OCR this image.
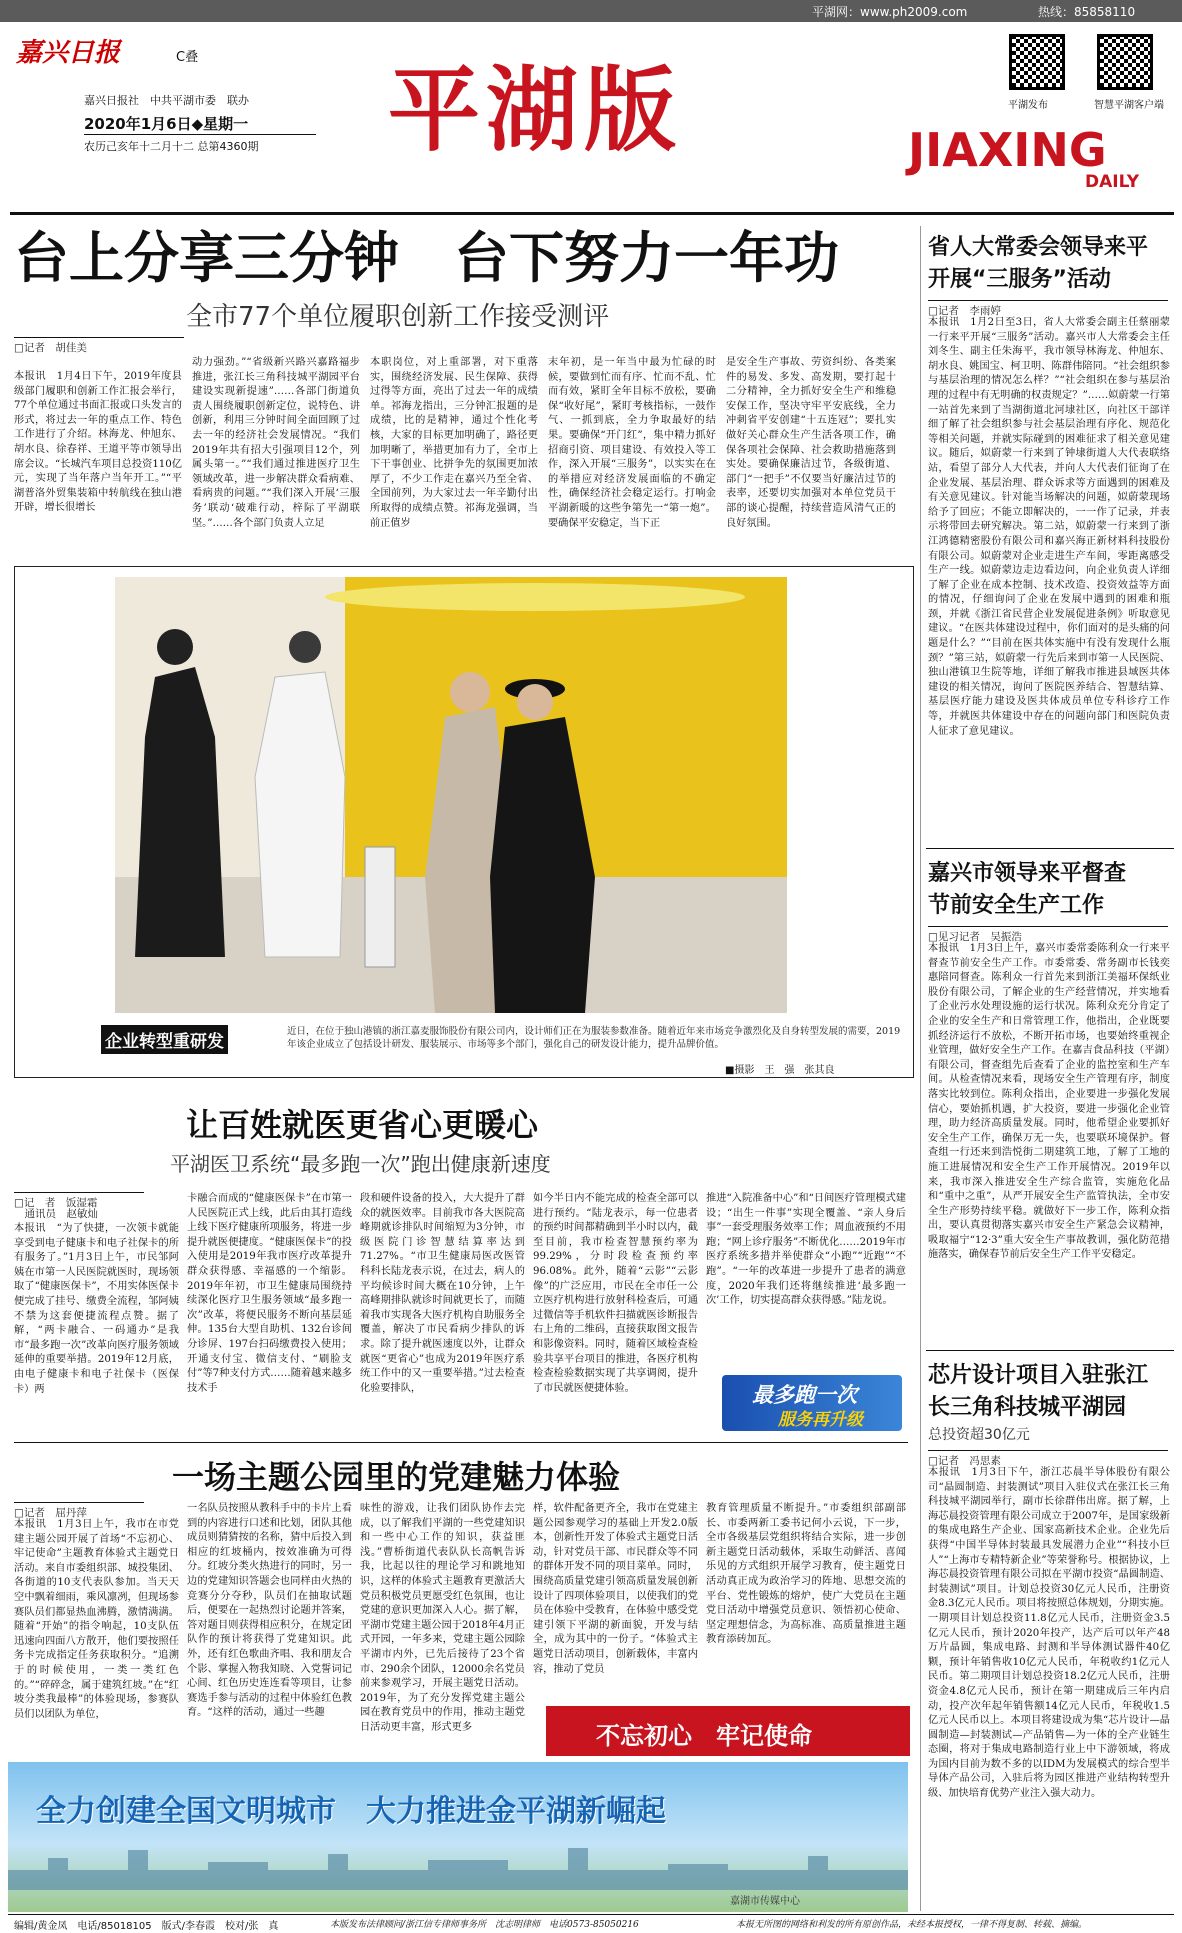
平湖网：www.ph2009.com	热线：85858110
嘉兴日报	C叠
嘉兴日报社　中共平湖市委　联办
2020年1月6日◆星期一
农历己亥年十二月十二 总第4360期 平湖版	平湖发布	智慧平湖客户端
JIAXING
DAILY
台上分享三分钟　台下努力一年功
全市77个单位履职创新工作接受测评
□记者　胡佳美
本报讯　1月4日下午，2019年度县级部门履职和创新工作汇报会举行，77个单位通过书面汇报或口头发言的形式，将过去一年的重点工作、特色工作进行了介绍。林海龙、仲旭东、胡水良、徐春祥、王道平等市领导出席会议。“长城汽车项目总投资110亿元，实现了当年落户当年开工。”“平湖普洛外贸集装箱中转航线在独山港开辟，增长很增长
动力强劲。”“省级新兴路兴嘉路福步推进，张江长三角科技城平湖园平台建设实现新提速”……各部门街道负责人围绕履职创新定位，说特色、讲创新，利用三分钟时间全面回顾了过去一年的经济社会发展情况。“我们2019年共有招大引强项目12个，列属头第一。”“我们通过推进医疗卫生领域改革，进一步解决群众看病难、看病贵的问题。”“我们深入开展‘三服务’联动‘破难行动，梓际了平湖联坚。”……各个部门负责人立足
本职岗位，对上重部署，对下重落实，围绕经济发展、民生保障、获得过得等方面，亮出了过去一年的成绩单。祁海龙指出，三分钟汇报题的是成绩，比的是精神，通过个性化考核，大家的目标更加明确了，路径更加明晰了，举措更加有力了，全市上下干事创业、比拼争先的氛围更加浓厚了，不少工作走在嘉兴乃至全省、全国前列，为大家过去一年辛勤付出所取得的成绩点赞。祁海龙强调，当前正值岁
末年初，是一年当中最为忙碌的时候，要做到忙而有序、忙而不乱、忙而有效，紧盯全年目标不放松，要确保“收好尾”，紧盯考核指标，一鼓作气、一抓到底，全力争取最好的结果。要确保“开门红”，集中精力抓好招商引资、项目建设、有效投入等工作，深入开展“三服务”，以实实在在的举措应对经济发展面临的不确定性，确保经济社会稳定运行。打响金平湖新暖的这些争第先一“第一炮”。要确保平安稳定，当下正
是安全生产事故、劳资纠纷、各类案件的易发、多发、高发期，要打起十二分精神，全力抓好安全生产和维稳安保工作，坚决守牢平安底线，全力冲刺省平安创建“十五连冠”；要扎实做好关心群众生产生活各项工作，确保各项社会保障、社会救助措施落到实处。要确保廉洁过节，各级街道、部门“一把手”不仅要当好廉洁过节的表率，还要切实加强对本单位党员干部的谈心提醒，持续营造风清气正的良好氛围。
企业转型重研发
近日，在位于独山港镇的浙江嘉麦服饰股份有限公司内，设计师们正在为服装参数准备。随着近年来市场竞争激烈化及自身转型发展的需要，2019年该企业成立了包括设计研发、服装展示、市场等多个部门，强化自己的研发设计能力，提升品牌价值。
■摄影　王　强　张其良
让百姓就医更省心更暖心
平湖医卫系统“最多跑一次”跑出健康新速度
□记　者　饭湿霜
　通讯员　赵敏灿
本报讯　“为了快捷，一次领卡就能享受到电子健康卡和电子社保卡的所有服务了。”1月3日上午，市民邹阿姨在市第一人民医院就医时，现场领取了“健康医保卡”，不用实体医保卡便完成了挂号、缴费全流程，邹阿姨不禁为这套便捷流程点赞。据了解，“两卡融合、一码通办”是我市“最多跑一次”改革向医疗服务领域延伸的重要举措。2019年12月底，由电子健康卡和电子社保卡（医保卡）两
卡融合而成的“健康医保卡”在市第一人民医院正式上线，此后由其打造线上线下医疗健康所项服务，将进一步提升就医便捷度。“健康医保卡”的投入使用是2019年我市医疗改革提升群众获得感、幸福感的一个缩影。2019年年初，市卫生健康局围绕持续深化医疗卫生服务领域“最多跑一次”改革，将便民服务不断向基层延伸。135台大型自助机、132台诊间分诊屏、197台扫码缴费投入使用；开通支付宝、微信支付、“刷脸支付”等7种支付方式……随着越来越多技术手
段和硬件设备的投入，大大提升了群众的就医效率。目前我市各大医院高峰期就诊排队时间缩短为3分钟，市级医院门诊智慧结算率达到71.27%。“市卫生健康局医改医管科科长陆龙表示说，在过去，病人的平均候诊时间大概在10分钟，上午高峰期排队就诊时间就更长了，而随着我市实现各大医疗机构自助服务全覆盖，解决了市民看病少排队的诉求。除了提升就医速度以外，让群众就医“更省心”也成为2019年医疗系统工作中的又一重要举措。”过去检查化验要排队，
如今半日内不能完成的检查全部可以进行预约。“陆龙表示，每一位患者的预约时间都精确到半小时以内，截至目前，我市检查智慧预约率为99.29%，分时段检查预约率96.08%。此外，随着“云影”“云影像”的广泛应用，市民在全市任一公立医疗机构进行放射科检查后，可通过微信等手机软件扫描就医诊断报告右上角的二维码，直接获取图文报告和影像资料。同时，随着区域检查检验共享平台项目的推进，各医疗机构检查检验数据实现了共享调阅，提升了市民就医便捷体验。
推进“入院准备中心”和“日间医疗管理模式建设；“出生一件事”实现全覆盖、“亲人身后事”一套受理服务效率工作；周血液预约不用跑；“网上诊疗服务”不断优化……2019年市医疗系统多措并举使群众“小跑”“近跑”“不跑”。“一年的改革进一步提升了患者的满意度，2020年我们还将继续推进‘最多跑一次’工作，切实提高群众获得感。”陆龙说。
最多跑一次
服务再升级
一场主题公园里的党建魅力体验
□记者　屈丹萍
本报讯　1月3日上午，我市在市党建主题公园开展了首场“不忘初心、牢记使命”主题教育体验式主题党日活动。来自市委组织部、城投集团、各街道的10支代表队参加。当天天空中飘着细雨，乘风凛冽，但现场参赛队员们都显热血沸腾，激情满满。随着“开始”的指令响起，10支队伍迅速向四面八方散开，他们要按照任务卡完成指定任务获取积分。“追溯于的时候使用，一类一类红色的。”“碎碎念，属于建筑红坡。”在“红坡分类我最棒”的体验现场，参赛队员们以团队为单位，
一名队员按照从教科手中的卡片上看到的内容进行口述和比划，团队其他成员则猜猜按的名称，猜中后投入到相应的红坡桶内，按效准确为可得分。红坡分类火热进行的同时，另一边的党建知识答题会也同样由火热的竞赛分分夺秒，队员们在抽取试题后，便要在一起热烈讨论题并答案，答对题目则获得相应积分，在规定团队作的预计将获得了党建知识。此外，还有红色歌曲齐唱、我和朋友合个影、掌握入物我知晓、入党誓词记心间、红色历史连连看等项目，让参赛选手参与活动的过程中体验红色教育。“这样的活动，通过一些趣
味性的游戏，让我们团队协作去完成，以了解我们平湖的一些党建知识和一些中心工作的知识，获益匪浅。”曹桥街道代表队队长高帆告诉我，比起以往的理论学习和跳地知识，这样的体验式主题教育更激活大党员积极党员更愿受红色氛围，也让党建的意识更加深入人心。据了解，平湖市党建主题公园于2018年4月正式开园，一年多来，党建主题公园除平湖市内外，已先后接待了23个省市、290余个团队，12000余名党员前来参观学习，开展主题党日活动。2019年，为了充分发挥党建主题公园在教育党员中的作用，推动主题党日活动更丰富，形式更多
样，软件配备更齐全，我市在党建主题公园参观学习的基础上开发2.0版本，创新性开发了体验式主题党日活动，针对党员干部、市民群众等不同的群体开发不同的项目菜单。同时，围绕高质量党建引领高质量发展创新设计了四项体验项目，以使我们的党员在体验中受教育，在体验中感受党建引领下平湖的新面貌，开发与结全，成为其中的一份子。“体验式主题党日活动项目，创新载体，丰富内容，推动了党员
教育管理质量不断提升。”市委组织部副部长、市委两新工委书记何小云说，下一步，全市各级基层党组织将结合实际，进一步创新主题党日活动载体，采取生动鲜活、喜闻乐见的方式组织开展学习教育，使主题党日活动真正成为政治学习的阵地、思想交流的平台、党性锻炼的熔炉，使广大党员在主题党日活动中增强党员意识、领悟初心使命、坚定理想信念，为高标准、高质量推进主题教育添砖加瓦。
不忘初心　牢记使命
全力创建全国文明城市　大力推进金平湖新崛起
嘉湖市传媒中心
省人大常委会领导来平
开展“三服务”活动
□记者　李雨婷
本报讯　1月2日至3日，省人大常委会副主任蔡丽蒙一行来平开展“三服务”活动。嘉兴市人大常委会主任刘冬生、副主任朱海平，我市领导林海龙、仲旭东、胡水良、姚国宝、柯卫明、陈群伟陪同。“社会组织参与基层治理的情况怎么样？”“社会组织在参与基层治理的过程中有无明确的权责规定？”……姒蔚蒙一行第一站首先来到了当湖街道北河埭社区，向社区干部详细了解了社会组织参与社会基层治理有序化、规范化等相关问题，并就实际碰到的困难征求了相关意见建议。随后，姒蔚蒙一行来到了钟埭街道人大代表联络站，看望了部分人大代表，并向人大代表们征询了在企业发展、基层治理、群众诉求等方面遇到的困难及有关意见建议。针对能当场解决的问题，姒蔚蒙现场给予了回应；不能立即解决的，一一作了记录，并表示将带回去研究解决。第二站，姒蔚蒙一行来到了浙江鸿德精密股份有限公司和嘉兴海正新材料科技股份有限公司。姒蔚蒙对企业走进生产车间，零距离感受生产一线。姒蔚蒙边走边看边问，向企业负责人详细了解了企业在成本控制、技术改造、投资效益等方面的情况，仔细询问了企业在发展中遇到的困难和瓶颈，并就《浙江省民营企业发展促进条例》听取意见建议。“在医共体建设过程中，你们面对的是头痛的问题是什么？”“目前在医共体实施中有没有发现什么瓶颈？”第三站，姒蔚蒙一行先后来到市第一人民医院、独山港镇卫生院等地，详细了解我市推进县域医共体建设的相关情况，询问了医院医养结合、智慧结算、基层医疗能力建设及医共体成员单位专科诊疗工作等，并就医共体建设中存在的问题向部门和医院负责人征求了意见建议。
嘉兴市领导来平督查
节前安全生产工作
□见习记者　吴振浩
本报讯　1月3日上午，嘉兴市委常委陈利众一行来平督查节前安全生产工作。市委常委、常务副市长钱奕惠陪同督查。陈利众一行首先来到浙江美福环保纸业股份有限公司，了解企业的生产经营情况，并实地看了企业污水处理设施的运行状况。陈利众充分肯定了企业的安全生产和日常管理工作，他指出，企业既要抓经济运行不放松，不断开拓市场，也要始终重视企业管理，做好安全生产工作。在嘉吉食品科技（平湖）有限公司，督查组先后查看了企业的监控室和生产车间。从检查情况来看，现场安全生产管理有序，制度落实比较到位。陈利众指出，企业要进一步强化发展信心，要始抓机遇，扩大投资，要进一步强化企业管理，助力经济高质量发展。同时，他希望企业要抓好安全生产工作，确保万无一失，也要联环境保护。督查组一行还来到浩悦街二期建筑工地，了解了工地的施工进展情况和安全生产工作开展情况。2019年以来，我市深入推进安全生产综合监管，实施危化品和“重中之重”，从严开展安全生产监管执法，全市安全生产形势持续平稳。就做好下一步工作，陈利众指出，要认真贯彻落实嘉兴市安全生产紧急会议精神，吸取福宁“12·3”重大安全生产事故教训，强化防范措施落实，确保春节前后安全生产工作平安稳定。
芯片设计项目入驻张江
长三角科技城平湖园
总投资超30亿元
□记者　冯思素
本报讯　1月3日下午，浙江芯晨半导体股份有限公司“晶圆制造、封装测试”项目入驻仪式在张江长三角科技城平湖园举行，副市长徐群伟出席。据了解，上海芯晨投资管理有限公司成立于2007年，是国家级新的集成电路生产企业、国家高新技术企业。企业先后获得“中国半导体封装最具发展潜力企业”“科技小巨人”“上海市专精特新企业”等荣誉称号。根据协议，上海芯晨投资管理有限公司拟在平湖市投资“晶圆制造、封装测试”项目。计划总投资30亿元人民币，注册资金8.3亿元人民币。项目将按照总体规划，分期实施。一期项目计划总投资11.8亿元人民币，注册资金3.5亿元人民币，预计2020年投产，达产后可以年产48万片晶圆，集成电路、封测和半导体测试器件40亿颗，预计年销售收10亿元人民币，年税收约1亿元人民币。第二期项目计划总投资18.2亿元人民币，注册资金4.8亿元人民币，预计在第一期建成后三年内启动，投产次年起年销售额14亿元人民币，年税收1.5亿元人民币以上。本项目将建设成为集“芯片设计—晶圆制造—封装测试—产品销售—为一体的全产业链生态圈，将对于集成电路制造行业上中下游领域，将成为国内目前为数不多的以IDM为发展模式的综合型半导体产品公司，入驻后将为园区推进产业结构转型升级、加快培育优势产业注入强大动力。
编辑/黄金凤　电话/85018105　版式/李春霞　校对/张　真	本版发布法律顾问/浙江信专律师事务所　沈志明律师　电话0573-85050216	本报无所图的网络和利发的所有原创作品，未经本报授权，一律不得复制、转载、摘编。
